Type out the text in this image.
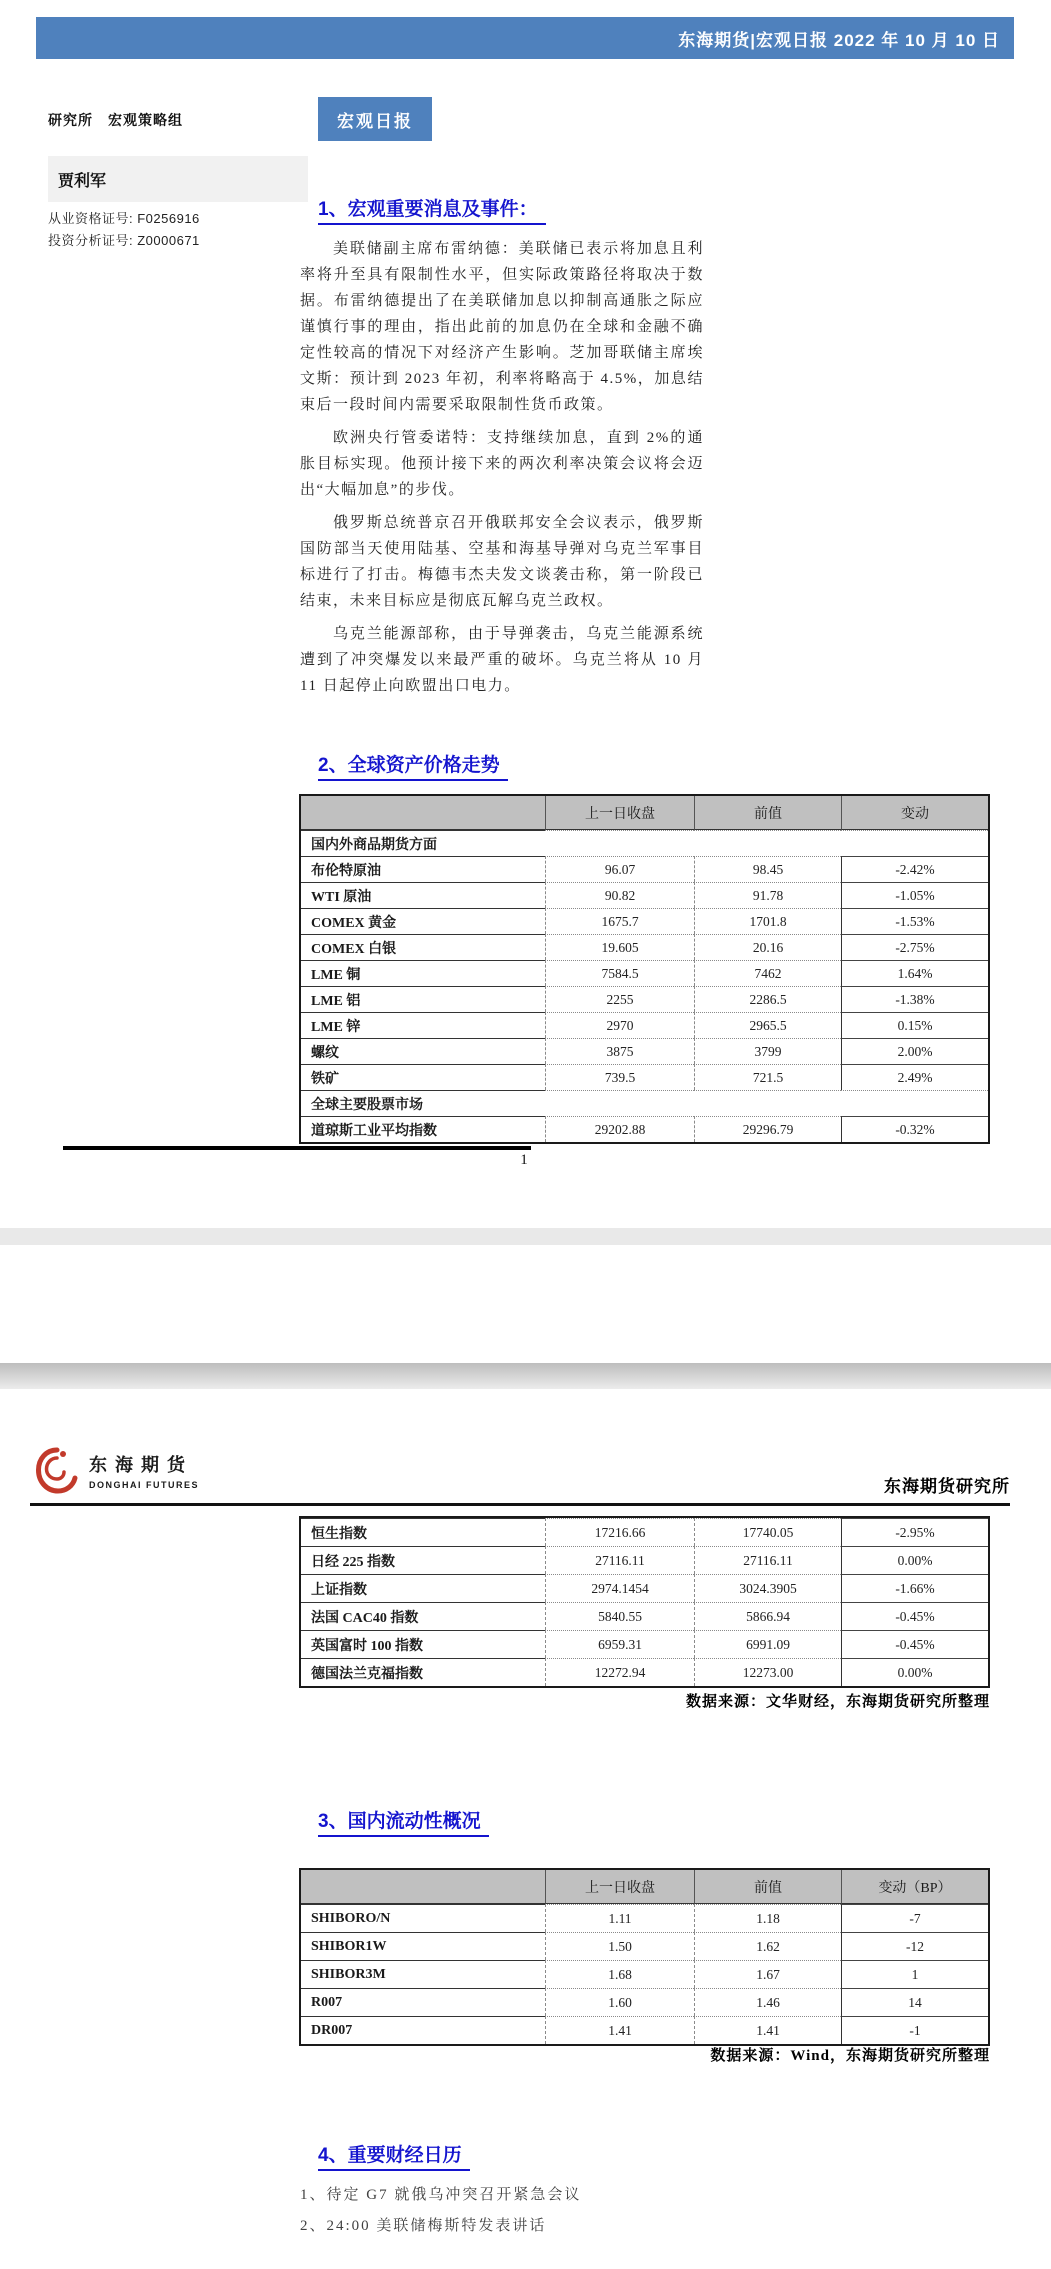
东海期货|宏观日报 2022 年 10 月 10 日
研究所　宏观策略组
贾利军
从业资格证号: F0256916
投资分析证号: Z0000671
宏观日报
1、宏观重要消息及事件：

美联储副主席布雷纳德：美联储已表示将加息且利率将升至具有限制性水平，但实际政策路径将取决于数据。布雷纳德提出了在美联储加息以抑制高通胀之际应谨慎行事的理由，指出此前的加息仍在全球和金融不确定性较高的情况下对经济产生影响。芝加哥联储主席埃文斯：预计到 2023 年初，利率将略高于 4.5%，加息结束后一段时间内需要采取限制性货币政策。

欧洲央行管委诺特：支持继续加息，直到 2%的通胀目标实现。他预计接下来的两次利率决策会议将会迈出“大幅加息”的步伐。

俄罗斯总统普京召开俄联邦安全会议表示，俄罗斯国防部当天使用陆基、空基和海基导弹对乌克兰军事目标进行了打击。梅德韦杰夫发文谈袭击称，第一阶段已结束，未来目标应是彻底瓦解乌克兰政权。

乌克兰能源部称，由于导弹袭击，乌克兰能源系统遭到了冲突爆发以来最严重的破坏。乌克兰将从 10 月 11 日起停止向欧盟出口电力。

2、全球资产价格走势
	上一日收盘	前值	变动
国内外商品期货方面			
布伦特原油	96.07	98.45	-2.42%
WTI 原油	90.82	91.78	-1.05%
COMEX 黄金	1675.7	1701.8	-1.53%
COMEX 白银	19.605	20.16	-2.75%
LME 铜	7584.5	7462	1.64%
LME 铝	2255	2286.5	-1.38%
LME 锌	2970	2965.5	0.15%
螺纹	3875	3799	2.00%
铁矿	739.5	721.5	2.49%
全球主要股票市场			
道琼斯工业平均指数	29202.88	29296.79	-0.32%
1
东海期货
DONGHAI FUTURES	东海期货研究所
恒生指数	17216.66	17740.05	-2.95%
日经 225 指数	27116.11	27116.11	0.00%
上证指数	2974.1454	3024.3905	-1.66%
法国 CAC40 指数	5840.55	5866.94	-0.45%
英国富时 100 指数	6959.31	6991.09	-0.45%
德国法兰克福指数	12272.94	12273.00	0.00%
数据来源：文华财经，东海期货研究所整理
3、国内流动性概况
	上一日收盘	前值	变动（BP）
SHIBORO/N	1.11	1.18	-7
SHIBOR1W	1.50	1.62	-12
SHIBOR3M	1.68	1.67	1
R007	1.60	1.46	14
DR007	1.41	1.41	-1
数据来源：Wind，东海期货研究所整理
4、重要财经日历
1、待定 G7 就俄乌冲突召开紧急会议
2、24:00 美联储梅斯特发表讲话
